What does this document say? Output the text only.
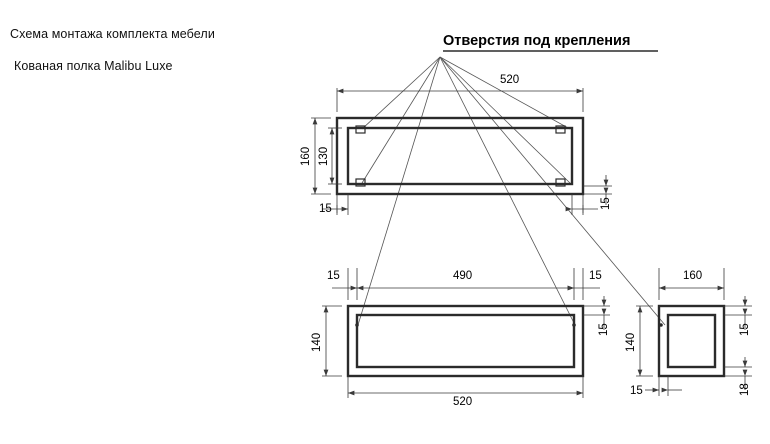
Схема монтажа комплекта мебели
Кованая полка Malibu Luxe
Отверстия под крепления
520
160 130
15	15
15	490	15
140
15
520
160
140
15
18
15
